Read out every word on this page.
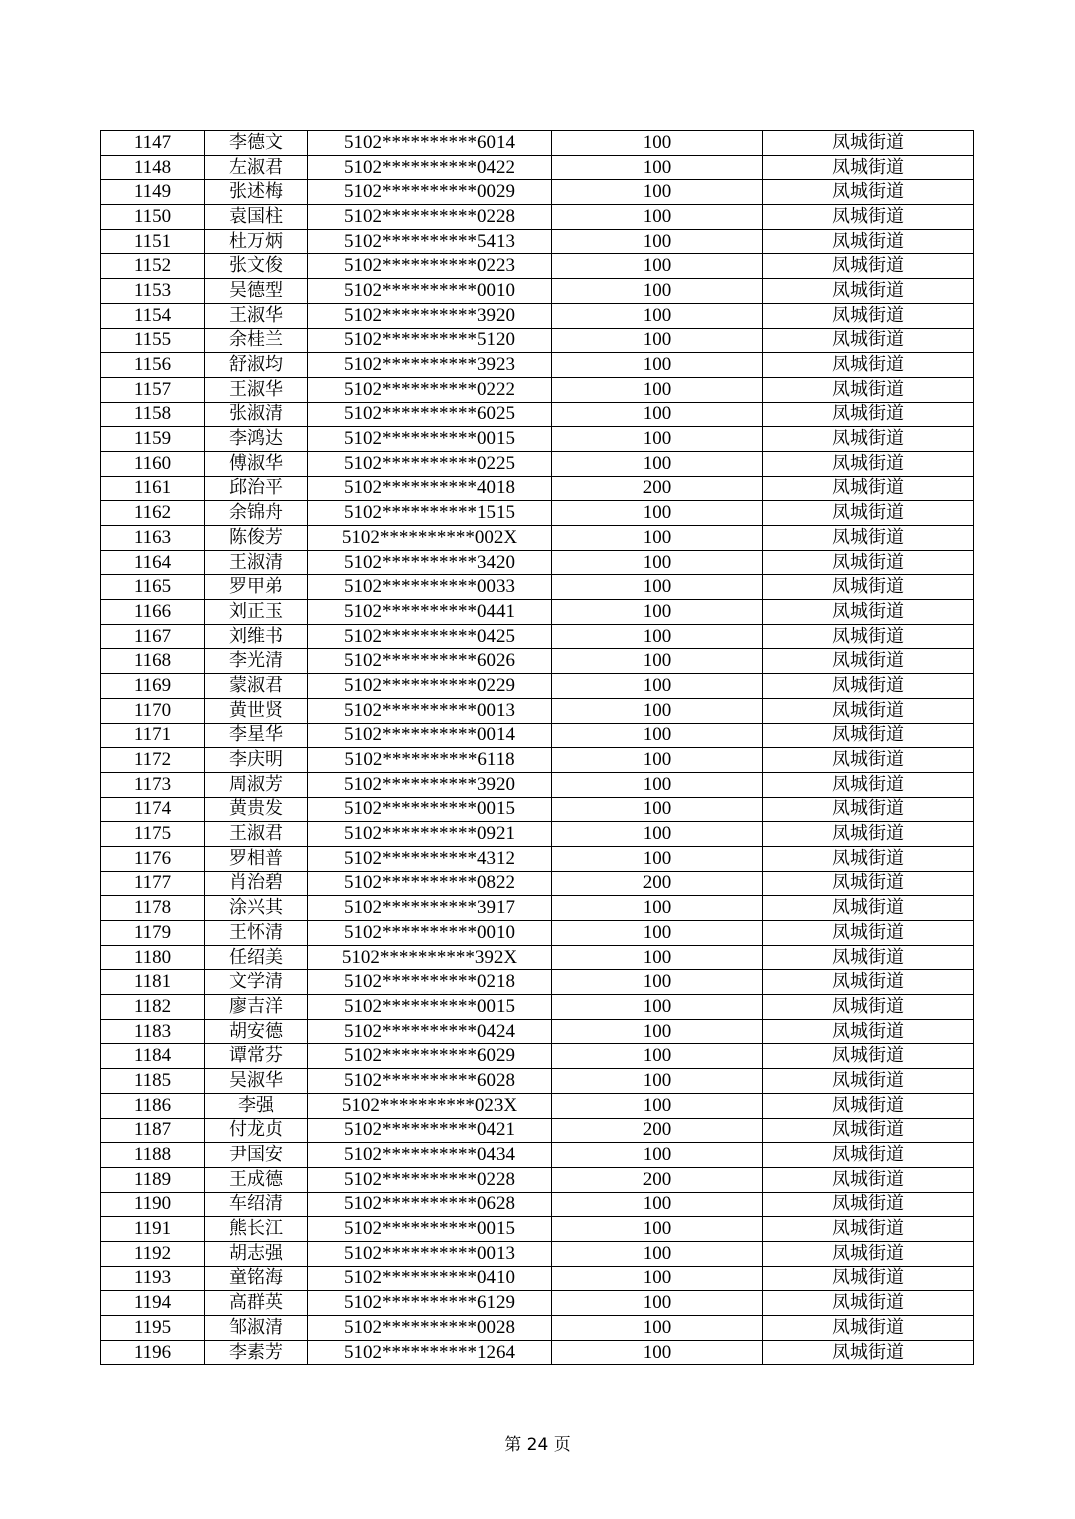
1147	李德文	5102**********6014	100	凤城街道
1148	左淑君	5102**********0422	100	凤城街道
1149	张述梅	5102**********0029	100	凤城街道
1150	袁国柱	5102**********0228	100	凤城街道
1151	杜万炳	5102**********5413	100	凤城街道
1152	张文俊	5102**********0223	100	凤城街道
1153	吴德型	5102**********0010	100	凤城街道
1154	王淑华	5102**********3920	100	凤城街道
1155	余桂兰	5102**********5120	100	凤城街道
1156	舒淑均	5102**********3923	100	凤城街道
1157	王淑华	5102**********0222	100	凤城街道
1158	张淑清	5102**********6025	100	凤城街道
1159	李鸿达	5102**********0015	100	凤城街道
1160	傅淑华	5102**********0225	100	凤城街道
1161	邱治平	5102**********4018	200	凤城街道
1162	余锦舟	5102**********1515	100	凤城街道
1163	陈俊芳	5102**********002X	100	凤城街道
1164	王淑清	5102**********3420	100	凤城街道
1165	罗甲弟	5102**********0033	100	凤城街道
1166	刘正玉	5102**********0441	100	凤城街道
1167	刘维书	5102**********0425	100	凤城街道
1168	李光清	5102**********6026	100	凤城街道
1169	蒙淑君	5102**********0229	100	凤城街道
1170	黄世贤	5102**********0013	100	凤城街道
1171	李星华	5102**********0014	100	凤城街道
1172	李庆明	5102**********6118	100	凤城街道
1173	周淑芳	5102**********3920	100	凤城街道
1174	黄贵发	5102**********0015	100	凤城街道
1175	王淑君	5102**********0921	100	凤城街道
1176	罗相普	5102**********4312	100	凤城街道
1177	肖治碧	5102**********0822	200	凤城街道
1178	涂兴其	5102**********3917	100	凤城街道
1179	王怀清	5102**********0010	100	凤城街道
1180	任绍美	5102**********392X	100	凤城街道
1181	文学清	5102**********0218	100	凤城街道
1182	廖吉洋	5102**********0015	100	凤城街道
1183	胡安德	5102**********0424	100	凤城街道
1184	谭常芬	5102**********6029	100	凤城街道
1185	吴淑华	5102**********6028	100	凤城街道
1186	李强	5102**********023X	100	凤城街道
1187	付龙贞	5102**********0421	200	凤城街道
1188	尹国安	5102**********0434	100	凤城街道
1189	王成德	5102**********0228	200	凤城街道
1190	车绍清	5102**********0628	100	凤城街道
1191	熊长江	5102**********0015	100	凤城街道
1192	胡志强	5102**********0013	100	凤城街道
1193	童铭海	5102**********0410	100	凤城街道
1194	高群英	5102**********6129	100	凤城街道
1195	邹淑清	5102**********0028	100	凤城街道
1196	李素芳	5102**********1264	100	凤城街道
第 24 页
